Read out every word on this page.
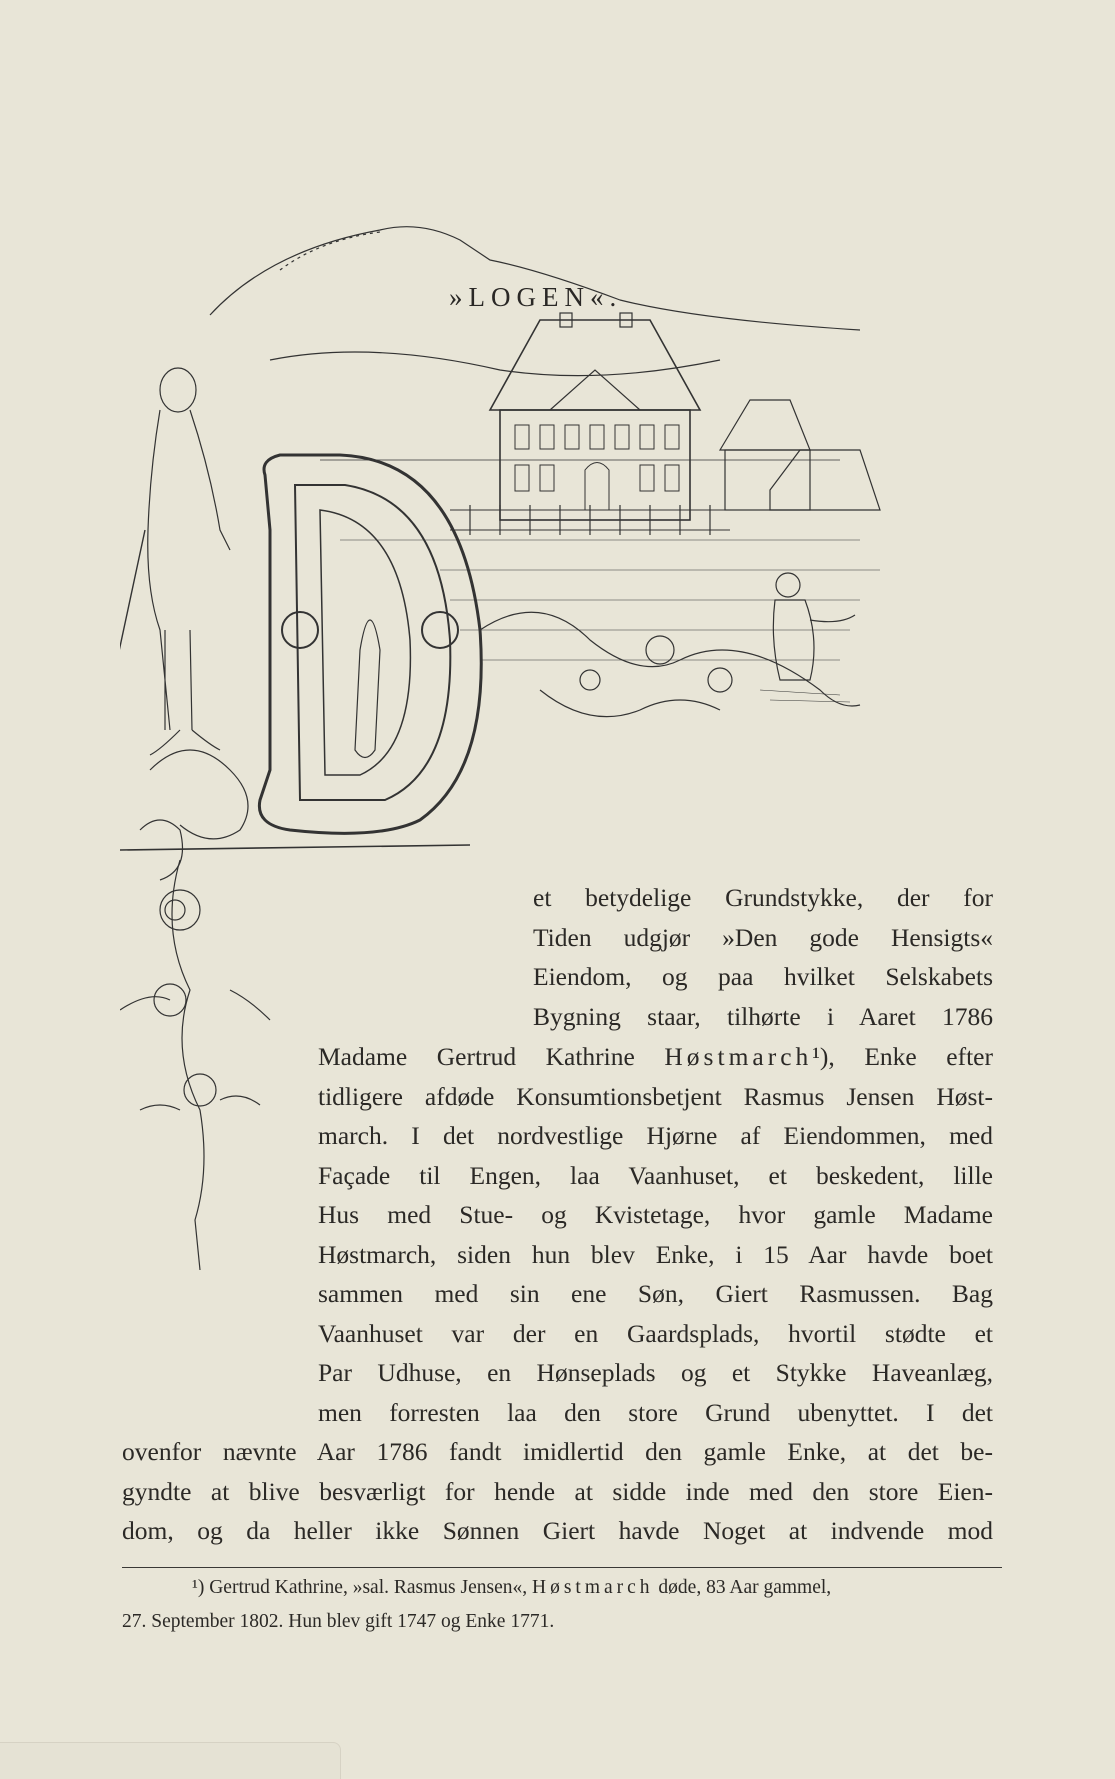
»LOGEN«.
et betydelige Grundstykke, der for
Tiden udgjør »Den gode Hensigts«
Eiendom, og paa hvilket Selskabets
Bygning staar, tilhørte i Aaret 1786
Madame Gertrud Kathrine Høstmarch¹), Enke efter
tidligere afdøde Konsumtionsbetjent Rasmus Jensen Høst-
march. I det nordvestlige Hjørne af Eiendommen, med
Façade til Engen, laa Vaanhuset, et beskedent, lille
Hus med Stue- og Kvistetage, hvor gamle Madame
Høstmarch, siden hun blev Enke, i 15 Aar havde boet
sammen med sin ene Søn, Giert Rasmussen. Bag
Vaanhuset var der en Gaardsplads, hvortil stødte et
Par Udhuse, en Hønseplads og et Stykke Haveanlæg,
men forresten laa den store Grund ubenyttet. I det
ovenfor nævnte Aar 1786 fandt imidlertid den gamle Enke, at det be-
gyndte at blive besværligt for hende at sidde inde med den store Eien-
dom, og da heller ikke Sønnen Giert havde Noget at indvende mod
¹) Gertrud Kathrine, »sal. Rasmus Jensen«, Høstmarch døde, 83 Aar gammel,
27. September 1802. Hun blev gift 1747 og Enke 1771.
